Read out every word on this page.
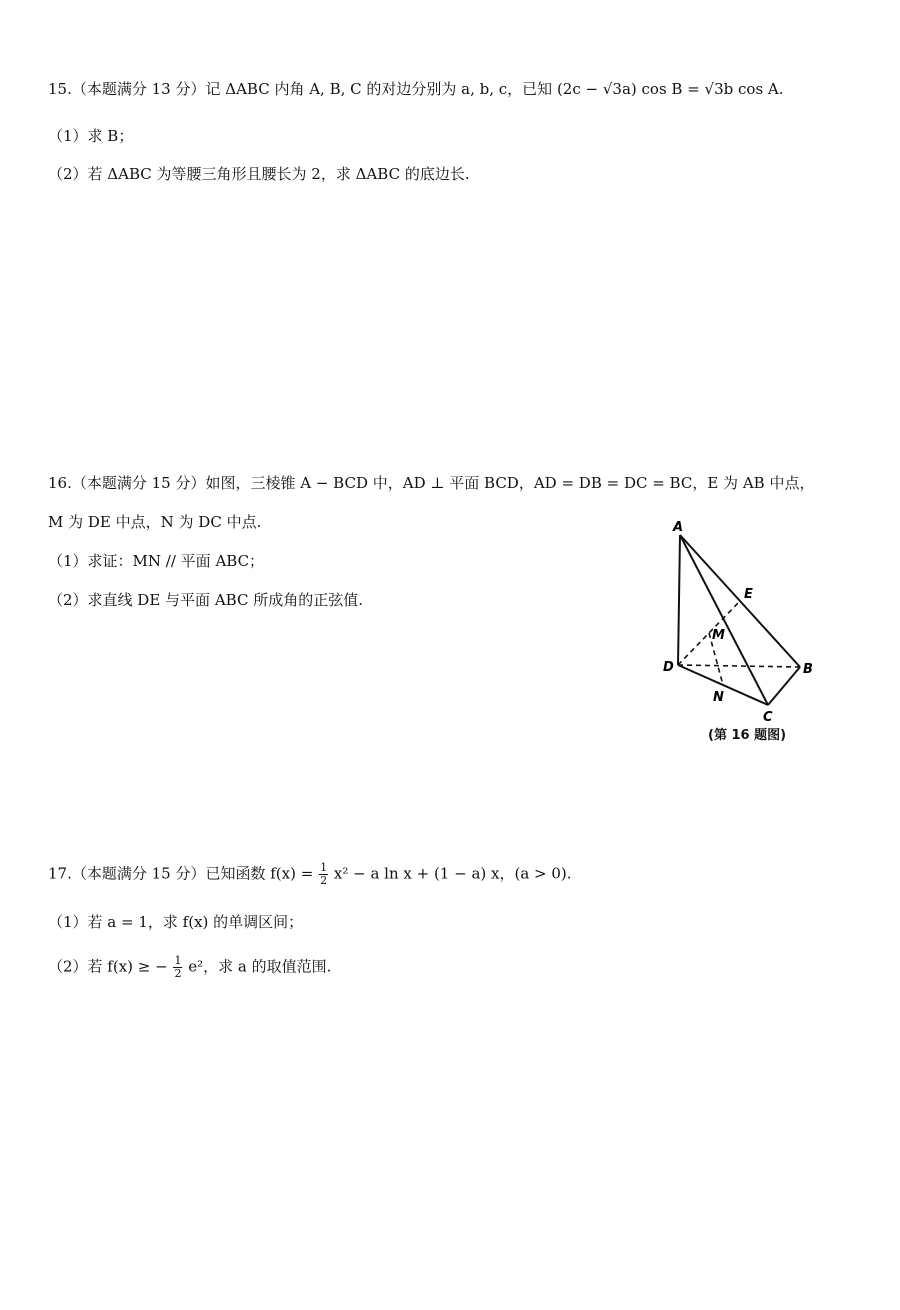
15.（本题满分 13 分）记 ΔABC 内角 A, B, C 的对边分别为 a, b, c，已知 (2c − √3a) cos B = √3b cos A.
（1）求 B；
（2）若 ΔABC 为等腰三角形且腰长为 2，求 ΔABC 的底边长.
16.（本题满分 15 分）如图，三棱锥 A − BCD 中，AD ⊥ 平面 BCD，AD = DB = DC = BC，E 为 AB 中点，
M 为 DE 中点，N 为 DC 中点.
（1）求证：MN // 平面 ABC；
（2）求直线 DE 与平面 ABC 所成角的正弦值.
A
E
M
D	B
N
C
(第 16 题图)
17.（本题满分 15 分）已知函数 $f(x) = \frac{1}{2} x^2 - a$ ln x + (1 − a) x，(a > 0).
（1）若 a = 1，求 f(x) 的单调区间；
（2）若 f(x) ≥ − $\frac{1}{2} e^2$，求 a 的取值范围.
